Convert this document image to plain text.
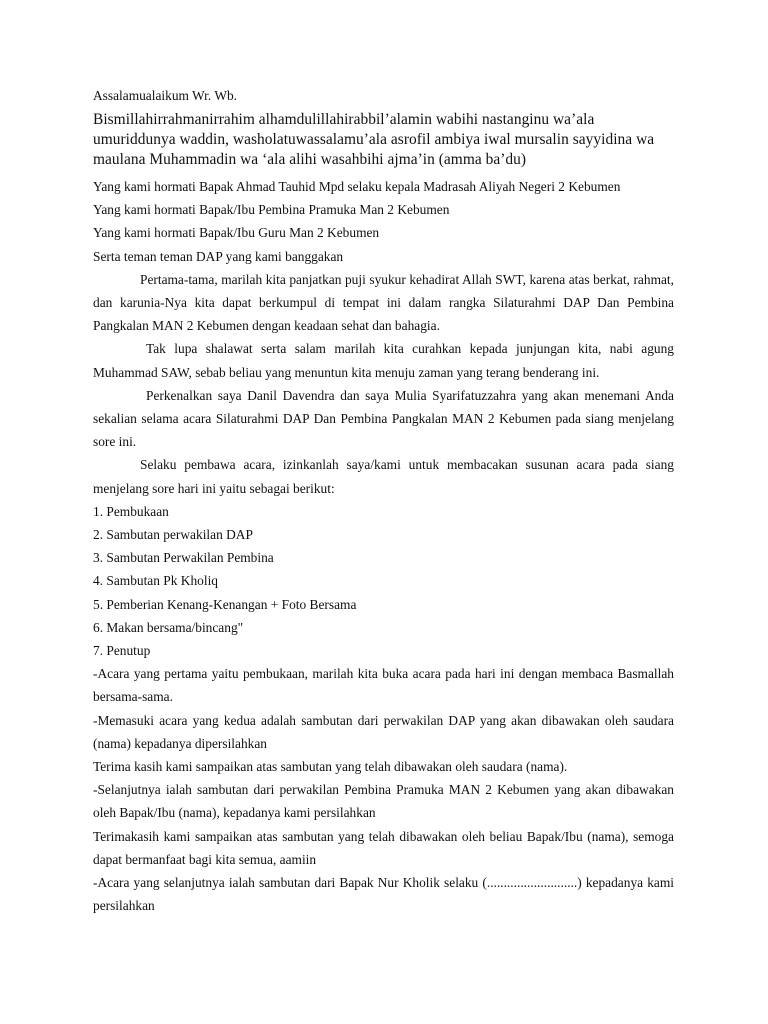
Assalamualaikum Wr. Wb.

Bismillahirrahmanirrahim alhamdulillahirabbil’alamin wabihi nastanginu wa’ala umuriddunya waddin, washolatuwassalamu’ala asrofil ambiya iwal mursalin sayyidina wa maulana Muhammadin wa ‘ala alihi wasahbihi ajma’in (amma ba’du)

Yang kami hormati Bapak Ahmad Tauhid Mpd selaku kepala Madrasah Aliyah Negeri 2 Kebumen

Yang kami hormati Bapak/Ibu Pembina Pramuka Man 2 Kebumen

Yang kami hormati Bapak/Ibu Guru Man 2 Kebumen

Serta teman teman DAP yang kami banggakan

Pertama-tama, marilah kita panjatkan puji syukur kehadirat Allah SWT, karena atas berkat, rahmat, dan karunia-Nya kita dapat berkumpul di tempat ini dalam rangka Silaturahmi DAP Dan Pembina Pangkalan MAN 2 Kebumen dengan keadaan sehat dan bahagia.

Tak lupa shalawat serta salam marilah kita curahkan kepada junjungan kita, nabi agung Muhammad SAW, sebab beliau yang menuntun kita menuju zaman yang terang benderang ini.

Perkenalkan saya Danil Davendra dan saya Mulia Syarifatuzzahra yang akan menemani Anda sekalian selama acara Silaturahmi DAP Dan Pembina Pangkalan MAN 2 Kebumen pada siang menjelang sore ini.

Selaku pembawa acara, izinkanlah saya/kami untuk membacakan susunan acara pada siang menjelang sore hari ini yaitu sebagai berikut:

1. Pembukaan

2. Sambutan perwakilan DAP

3. Sambutan Perwakilan Pembina

4. Sambutan Pk Kholiq

5. Pemberian Kenang-Kenangan + Foto Bersama

6. Makan bersama/bincang"

7. Penutup

-Acara yang pertama yaitu pembukaan, marilah kita buka acara pada hari ini dengan membaca Basmallah bersama-sama.

-Memasuki acara yang kedua adalah sambutan dari perwakilan DAP yang akan dibawakan oleh saudara (nama) kepadanya dipersilahkan

Terima kasih kami sampaikan atas sambutan yang telah dibawakan oleh saudara (nama).

-Selanjutnya ialah sambutan dari perwakilan Pembina Pramuka MAN 2 Kebumen yang akan dibawakan oleh Bapak/Ibu (nama), kepadanya kami persilahkan

Terimakasih kami sampaikan atas sambutan yang telah dibawakan oleh beliau Bapak/Ibu (nama), semoga dapat bermanfaat bagi kita semua, aamiin

-Acara yang selanjutnya ialah sambutan dari Bapak Nur Kholik selaku (...........................) kepadanya kami persilahkan
